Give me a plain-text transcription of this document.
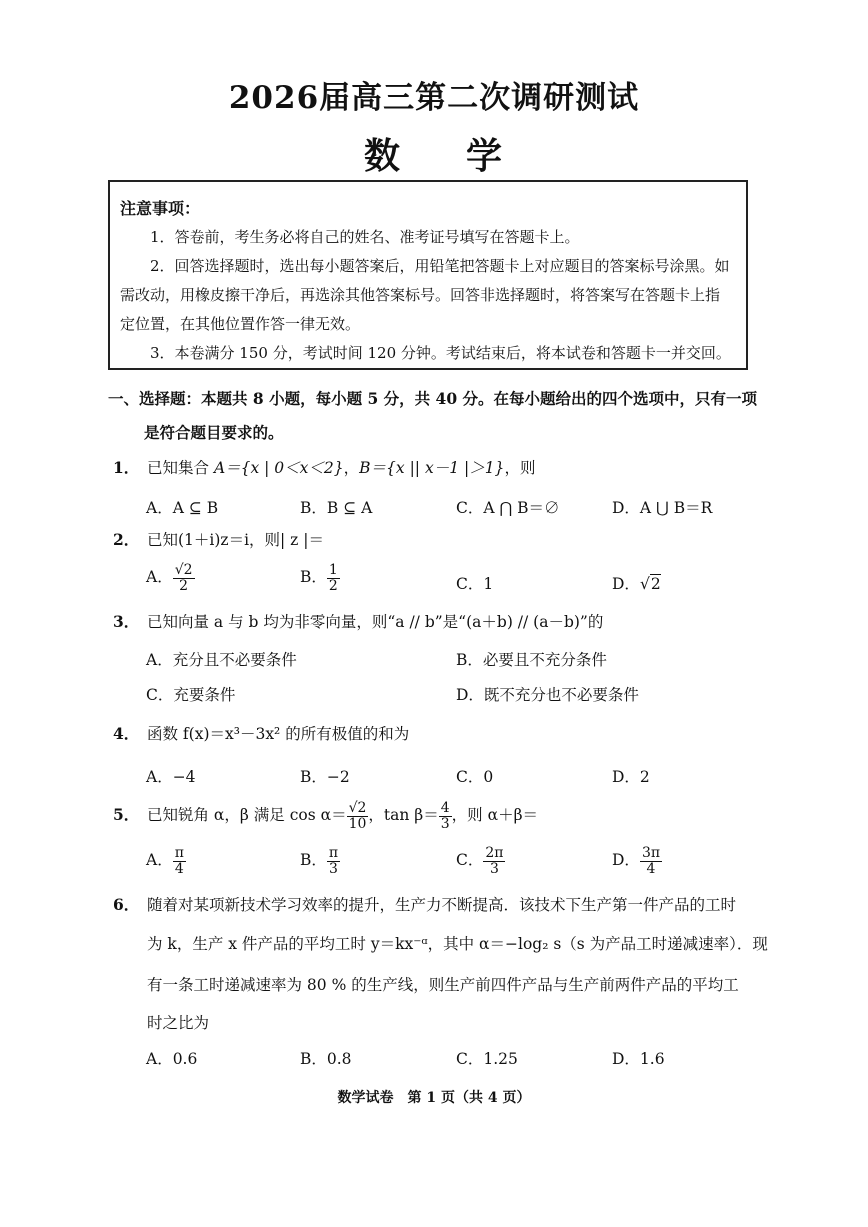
2026届高三第二次调研测试
数 学
注意事项：

1．答卷前，考生务必将自己的姓名、准考证号填写在答题卡上。

2．回答选择题时，选出每小题答案后，用铅笔把答题卡上对应题目的答案标号涂黑。如需改动，用橡皮擦干净后，再选涂其他答案标号。回答非选择题时，将答案写在答题卡上指定位置，在其他位置作答一律无效。

3．本卷满分 150 分，考试时间 120 分钟。考试结束后，将本试卷和答题卡一并交回。

一、选择题：本题共 8 小题，每小题 5 分，共 40 分。在每小题给出的四个选项中，只有一项
是符合题目要求的。
1． 已知集合 A＝{x | 0＜x＜2}，B＝{x || x－1 |＞1}，则
A．A ⊆ B	B．B ⊆ A	C．A ⋂ B＝∅	D．A ⋃ B＝R
2． 已知(1＋i)z＝i，则| z |＝
A． $\frac{√2}{2}$	B． $\frac{1}{2}$	C．1	D．√2
3． 已知向量 a 与 b 均为非零向量，则“a // b”是“(a＋b) // (a－b)”的
A．充分且不必要条件	B．必要且不充分条件
C．充要条件	D．既不充分也不必要条件
4． 函数 f(x)＝x³－3x² 的所有极值的和为
A．−4	B．−2	C．0	D．2
5． 已知锐角 α，β 满足 $\cos \alpha= \frac{√2}{10}$ ，$\tan \beta= \frac{4}{3}$ ，则 α＋β＝
A． $\frac{\pi}{4}$	B． $\frac{\pi}{3}$	C． $\frac{2\pi}{3}$	D． $\frac{3\pi}{4}$
6． 随着对某项新技术学习效率的提升，生产力不断提高．该技术下生产第一件产品的工时
为 k，生产 x 件产品的平均工时 y＝kx⁻ᵅ，其中 α＝−log₂ s（s 为产品工时递减速率）．现
有一条工时递减速率为 80 % 的生产线，则生产前四件产品与生产前两件产品的平均工
时之比为
A．0.6	B．0.8	C．1.25	D．1.6
数学试卷　第 1 页（共 4 页）
